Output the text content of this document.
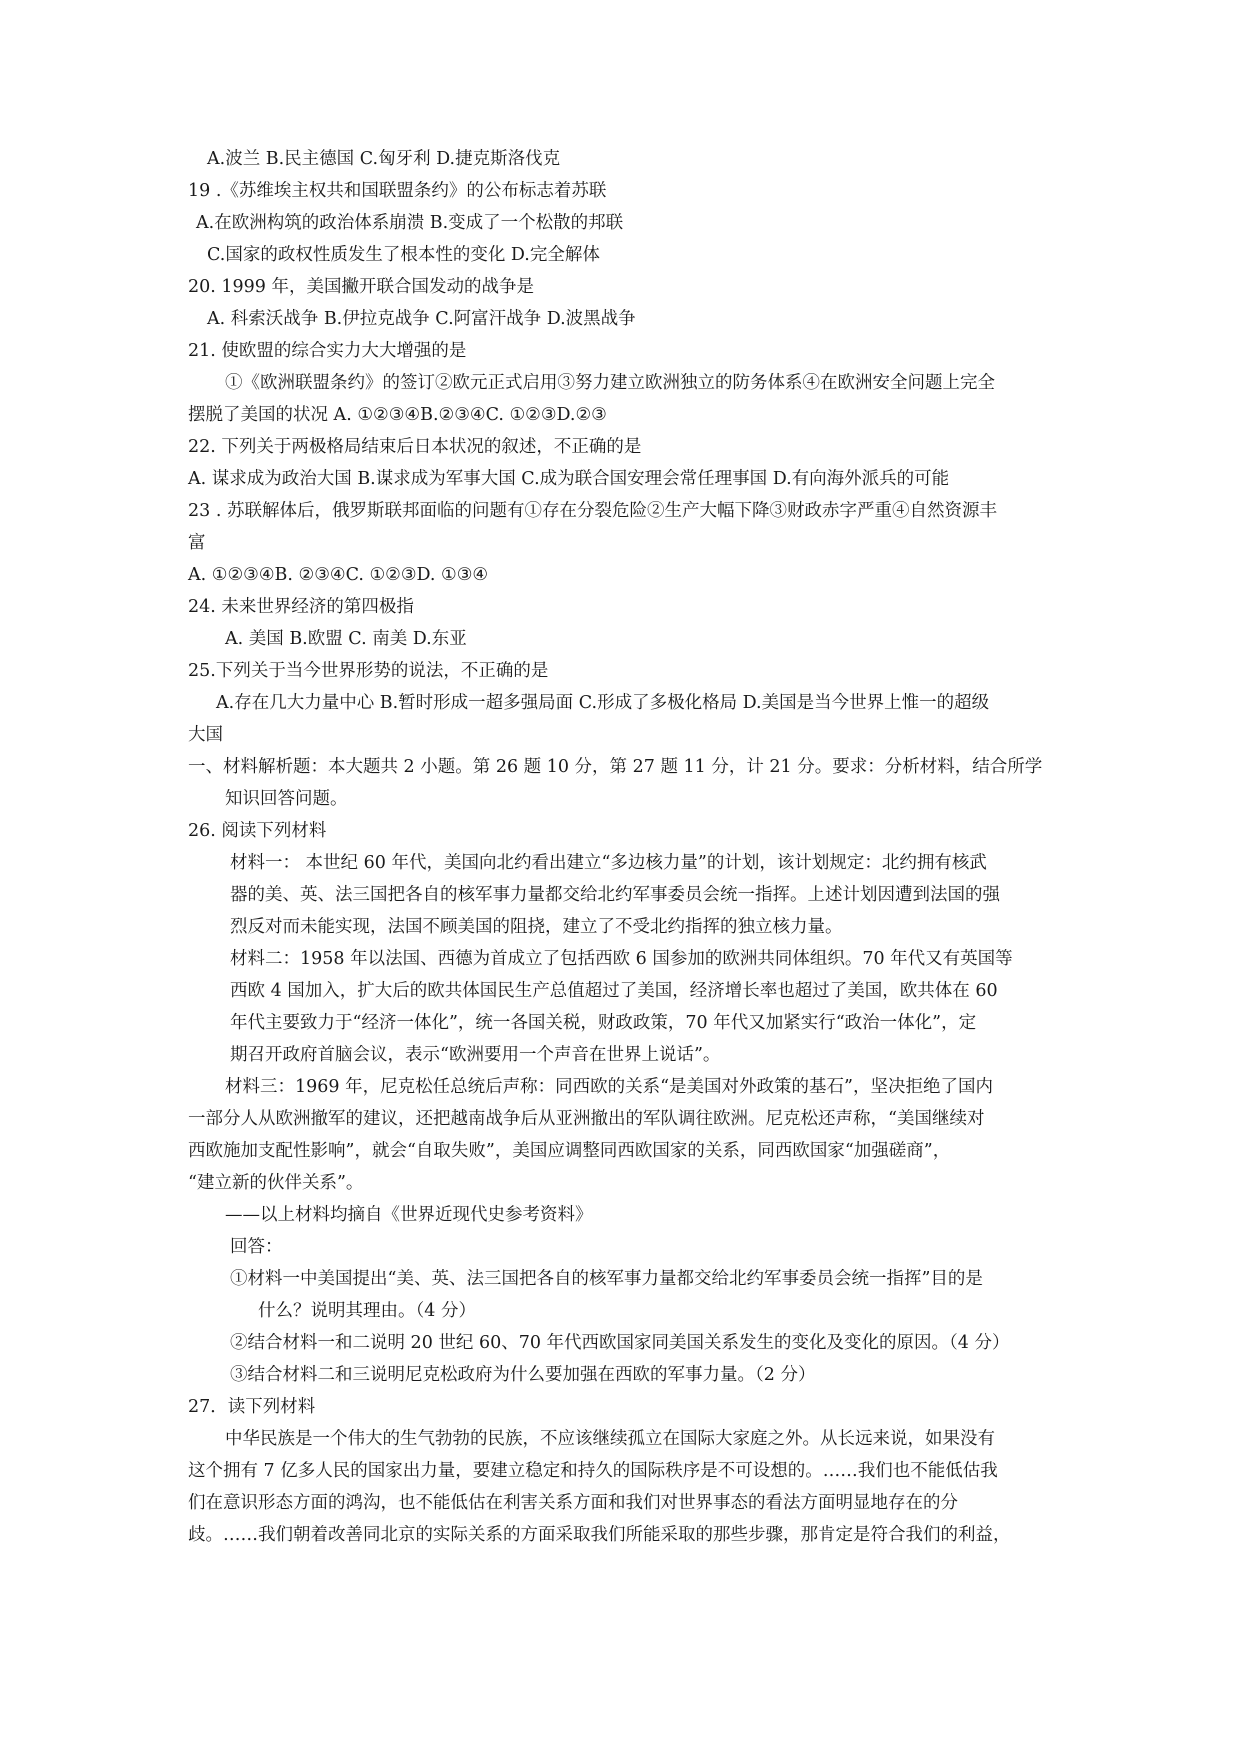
A.波兰 B.民主德国 C.匈牙利 D.捷克斯洛伐克
19 .《苏维埃主权共和国联盟条约》的公布标志着苏联
A.在欧洲构筑的政治体系崩溃 B.变成了一个松散的邦联
C.国家的政权性质发生了根本性的变化 D.完全解体
20. 1999 年，美国撇开联合国发动的战争是
A. 科索沃战争 B.伊拉克战争 C.阿富汗战争 D.波黑战争
21. 使欧盟的综合实力大大增强的是
①《欧洲联盟条约》的签订②欧元正式启用③努力建立欧洲独立的防务体系④在欧洲安全问题上完全
摆脱了美国的状况 A. ①②③④B.②③④C. ①②③D.②③
22. 下列关于两极格局结束后日本状况的叙述，不正确的是
A. 谋求成为政治大国 B.谋求成为军事大国 C.成为联合国安理会常任理事国 D.有向海外派兵的可能
23 . 苏联解体后，俄罗斯联邦面临的问题有①存在分裂危险②生产大幅下降③财政赤字严重④自然资源丰
富
A. ①②③④B. ②③④C. ①②③D. ①③④
24. 未来世界经济的第四极指
A. 美国 B.欧盟 C. 南美 D.东亚
25.下列关于当今世界形势的说法，不正确的是
A.存在几大力量中心 B.暂时形成一超多强局面 C.形成了多极化格局 D.美国是当今世界上惟一的超级
大国
一、材料解析题：本大题共 2 小题。第 26 题 10 分，第 27 题 11 分，计 21 分。要求：分析材料，结合所学
知识回答问题。
26. 阅读下列材料
材料一： 本世纪 60 年代，美国向北约看出建立“多边核力量”的计划，该计划规定：北约拥有核武
器的美、英、法三国把各自的核军事力量都交给北约军事委员会统一指挥。上述计划因遭到法国的强
烈反对而未能实现，法国不顾美国的阻挠，建立了不受北约指挥的独立核力量。
材料二：1958 年以法国、西德为首成立了包括西欧 6 国参加的欧洲共同体组织。70 年代又有英国等
西欧 4 国加入，扩大后的欧共体国民生产总值超过了美国，经济增长率也超过了美国，欧共体在 60
年代主要致力于“经济一体化”，统一各国关税，财政政策，70 年代又加紧实行“政治一体化”，定
期召开政府首脑会议，表示“欧洲要用一个声音在世界上说话”。
材料三：1969 年，尼克松任总统后声称：同西欧的关系“是美国对外政策的基石”，坚决拒绝了国内
一部分人从欧洲撤军的建议，还把越南战争后从亚洲撤出的军队调往欧洲。尼克松还声称，“美国继续对
西欧施加支配性影响”，就会“自取失败”，美国应调整同西欧国家的关系，同西欧国家“加强磋商”，
“建立新的伙伴关系”。
——以上材料均摘自《世界近现代史参考资料》
回答：
①材料一中美国提出“美、英、法三国把各自的核军事力量都交给北约军事委员会统一指挥”目的是
什么？说明其理由。（4 分）
②结合材料一和二说明 20 世纪 60、70 年代西欧国家同美国关系发生的变化及变化的原因。（4 分）
③结合材料二和三说明尼克松政府为什么要加强在西欧的军事力量。（2 分）
27．读下列材料
中华民族是一个伟大的生气勃勃的民族，不应该继续孤立在国际大家庭之外。从长远来说，如果没有
这个拥有 7 亿多人民的国家出力量，要建立稳定和持久的国际秩序是不可设想的。……我们也不能低估我
们在意识形态方面的鸿沟，也不能低估在利害关系方面和我们对世界事态的看法方面明显地存在的分
歧。……我们朝着改善同北京的实际关系的方面采取我们所能采取的那些步骤，那肯定是符合我们的利益，
